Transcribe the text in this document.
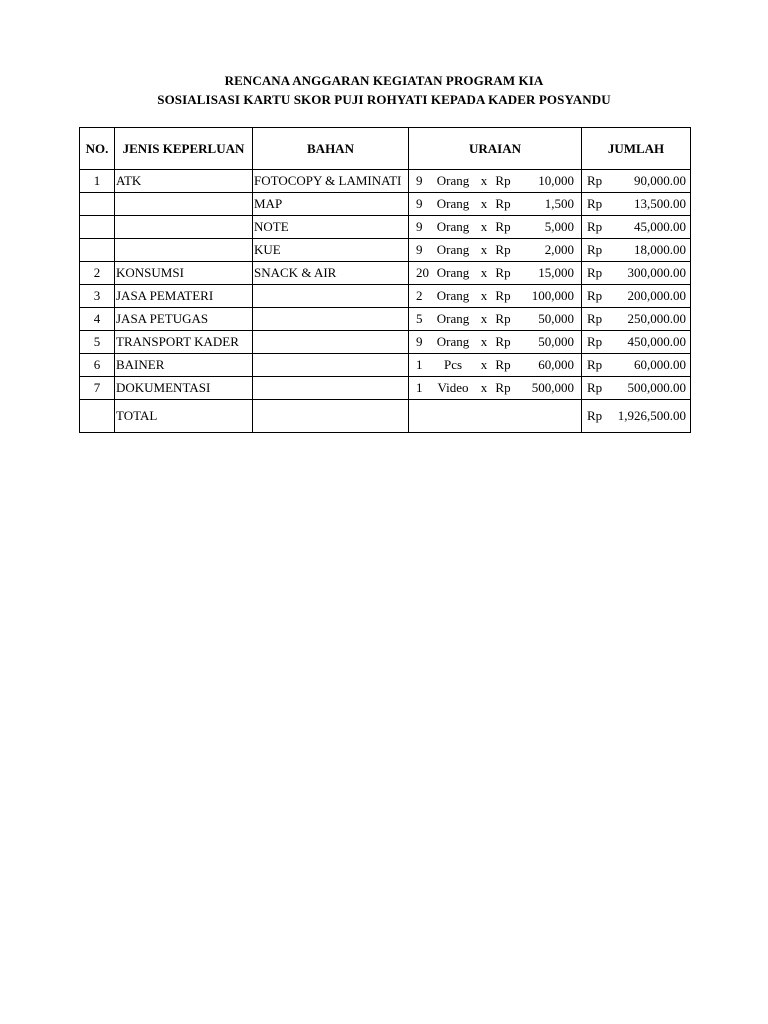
RENCANA ANGGARAN KEGIATAN PROGRAM KIA
SOSIALISASI KARTU SKOR PUJI ROHYATI KEPADA KADER POSYANDU
NO.	JENIS KEPERLUAN	BAHAN	URAIAN	JUMLAH
1	ATK	FOTOCOPY & LAMINATI	9 Orang x Rp 10,000	Rp 90,000.00

		MAP	9 Orang x Rp 1,500	Rp 13,500.00

		NOTE	9 Orang x Rp 5,000	Rp 45,000.00

		KUE	9 Orang x Rp 2,000	Rp 18,000.00

2	KONSUMSI	SNACK & AIR	20 Orang x Rp 15,000	Rp 300,000.00

3	JASA PEMATERI		2 Orang x Rp 100,000	Rp 200,000.00

4	JASA PETUGAS		5 Orang x Rp 50,000	Rp 250,000.00

5	TRANSPORT KADER		9 Orang x Rp 50,000	Rp 450,000.00

6	BAINER		1 Pcs x Rp 60,000	Rp 60,000.00

7	DOKUMENTASI		1 Video x Rp 500,000	Rp 500,000.00

	TOTAL			Rp 1,926,500.00
